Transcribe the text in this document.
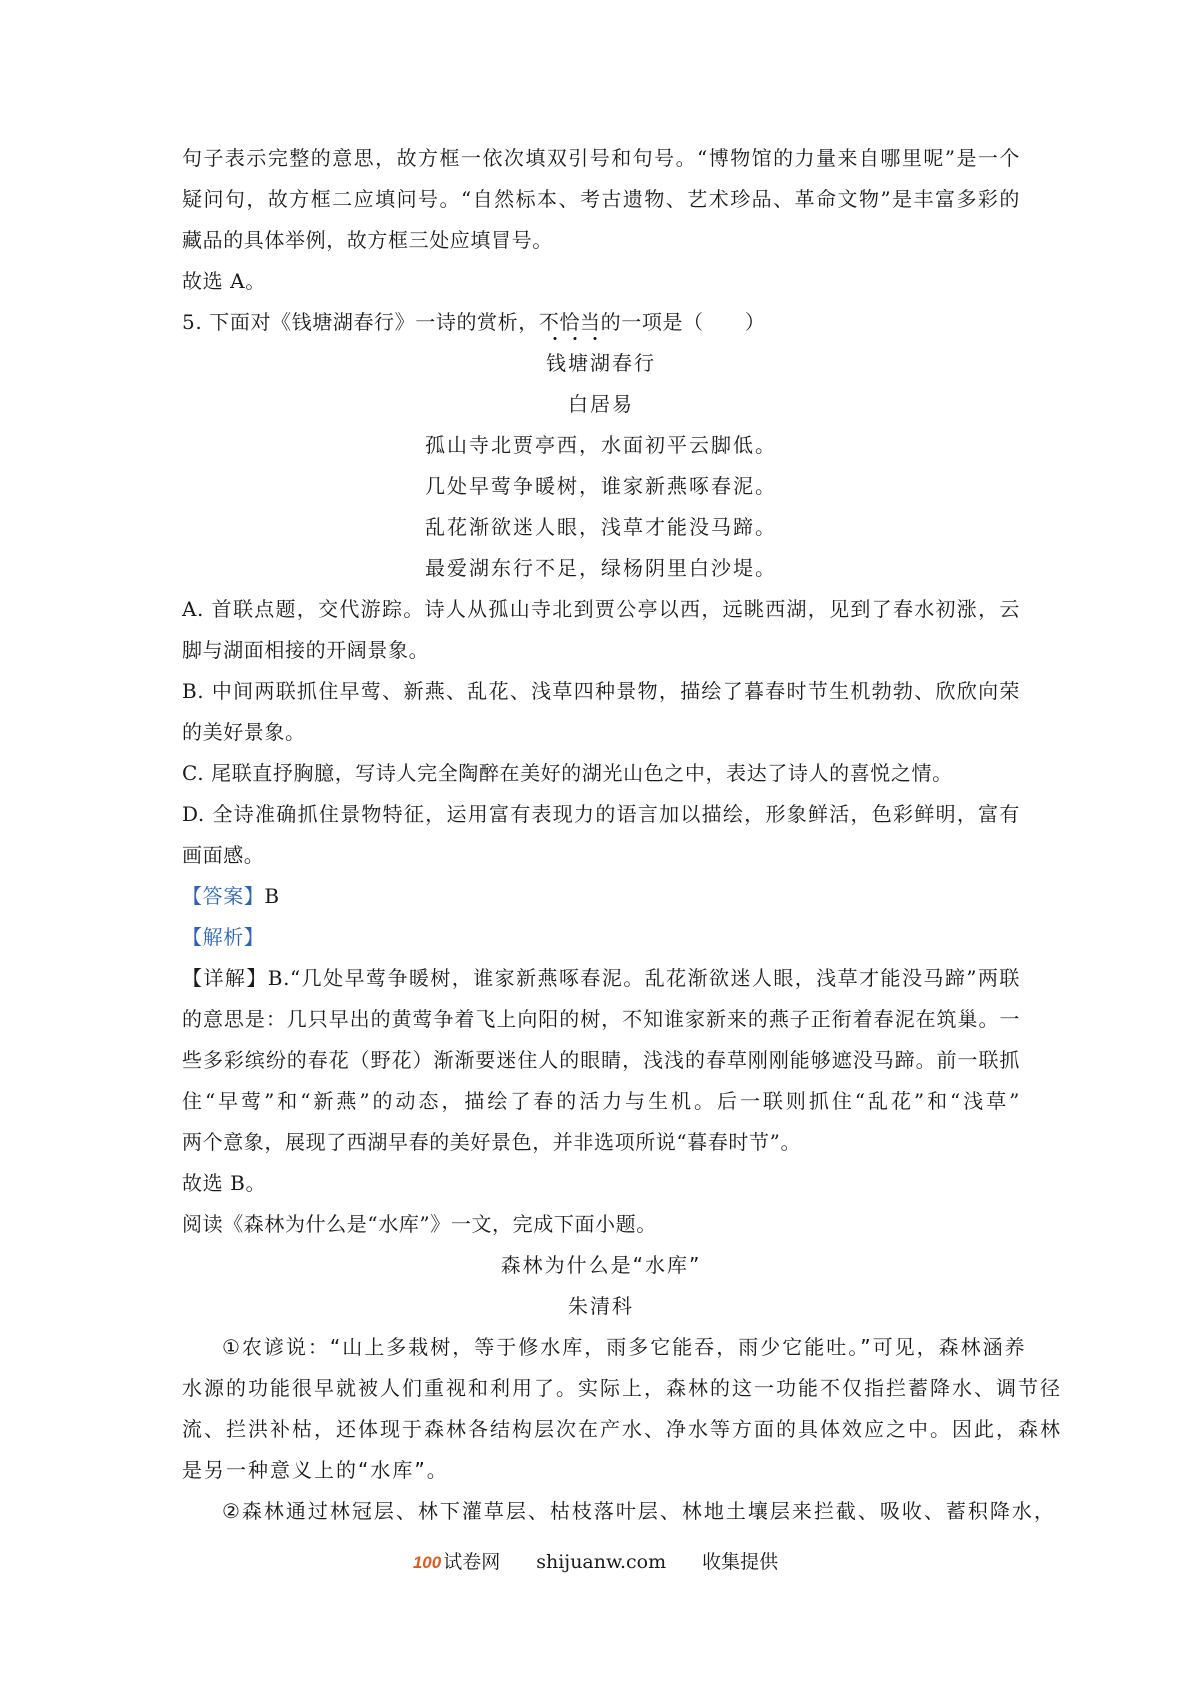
句子表示完整的意思，故方框一依次填双引号和句号。“博物馆的力量来自哪里呢”是一个
疑问句，故方框二应填问号。“自然标本、考古遗物、艺术珍品、革命文物”是丰富多彩的
藏品的具体举例，故方框三处应填冒号。
故选 A。
5. 下面对《钱塘湖春行》一诗的赏析，不恰当的一项是（　　）
钱塘湖春行
白居易
孤山寺北贾亭西，水面初平云脚低。
几处早莺争暖树，谁家新燕啄春泥。
乱花渐欲迷人眼，浅草才能没马蹄。
最爱湖东行不足，绿杨阴里白沙堤。
A. 首联点题，交代游踪。诗人从孤山寺北到贾公亭以西，远眺西湖，见到了春水初涨，云
脚与湖面相接的开阔景象。
B. 中间两联抓住早莺、新燕、乱花、浅草四种景物，描绘了暮春时节生机勃勃、欣欣向荣
的美好景象。
C. 尾联直抒胸臆，写诗人完全陶醉在美好的湖光山色之中，表达了诗人的喜悦之情。
D. 全诗准确抓住景物特征，运用富有表现力的语言加以描绘，形象鲜活，色彩鲜明，富有
画面感。
【答案】B
【解析】
【详解】B.“几处早莺争暖树，谁家新燕啄春泥。乱花渐欲迷人眼，浅草才能没马蹄”两联
的意思是：几只早出的黄莺争着飞上向阳的树，不知谁家新来的燕子正衔着春泥在筑巢。一
些多彩缤纷的春花（野花）渐渐要迷住人的眼睛，浅浅的春草刚刚能够遮没马蹄。前一联抓
住“早莺”和“新燕”的动态，描绘了春的活力与生机。后一联则抓住“乱花”和“浅草”
两个意象，展现了西湖早春的美好景色，并非选项所说“暮春时节”。
故选 B。
阅读《森林为什么是“水库”》一文，完成下面小题。
森林为什么是“水库”
朱清科
①农谚说：“山上多栽树，等于修水库，雨多它能吞，雨少它能吐。”可见，森林涵养
水源的功能很早就被人们重视和利用了。实际上，森林的这一功能不仅指拦蓄降水、调节径
流、拦洪补枯，还体现于森林各结构层次在产水、净水等方面的具体效应之中。因此，森林
是另一种意义上的“水库”。
②森林通过林冠层、林下灌草层、枯枝落叶层、林地土壤层来拦截、吸收、蓄积降水，
100 试卷网 shijuanw.com 收集提供
